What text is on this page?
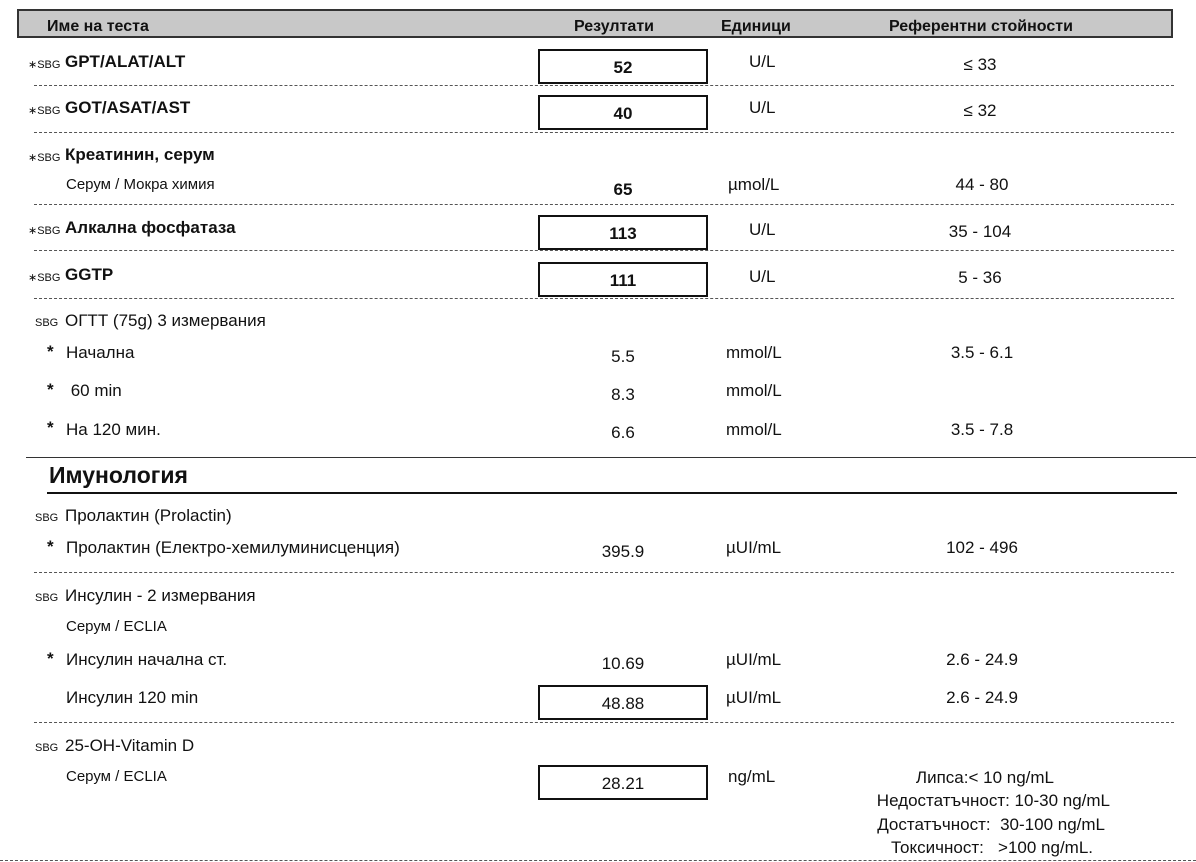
Име на теста	Резултати	Единици	Референтни стойности
∗SBG GPT/ALAT/ALT	52	U/L	≤ 33
∗SBG GOT/ASAT/AST	40	U/L	≤ 32
∗SBG Креатинин, серум
Серум / Мокра химия	65	µmol/L	44 - 80
∗SBG Алкална фосфатаза	113	U/L	35 - 104
∗SBG GGTP	111	U/L	5 - 36
SBG ОГТТ (75g) 3 измервания
* Начална	5.5	mmol/L	3.5 - 6.1
* 60 min	8.3	mmol/L
* На 120 мин.	6.6	mmol/L	3.5 - 7.8
Имунология
SBG Пролактин (Prolactin)
* Пролактин (Електро-хемилуминисценция)	395.9	µUI/mL	102 - 496
SBG Инсулин - 2 измервания
Серум / ECLIA
* Инсулин начална ст.	10.69	µUI/mL	2.6 - 24.9
Инсулин 120 min	48.88	µUI/mL	2.6 - 24.9
SBG 25-OH-Vitamin D
Серум / ECLIA	28.21	ng/mL	Липса:< 10 ng/mL
Недостатъчност: 10-30 ng/mL
Достатъчност:  30-100 ng/mL
Токсичност:   >100 ng/mL.
